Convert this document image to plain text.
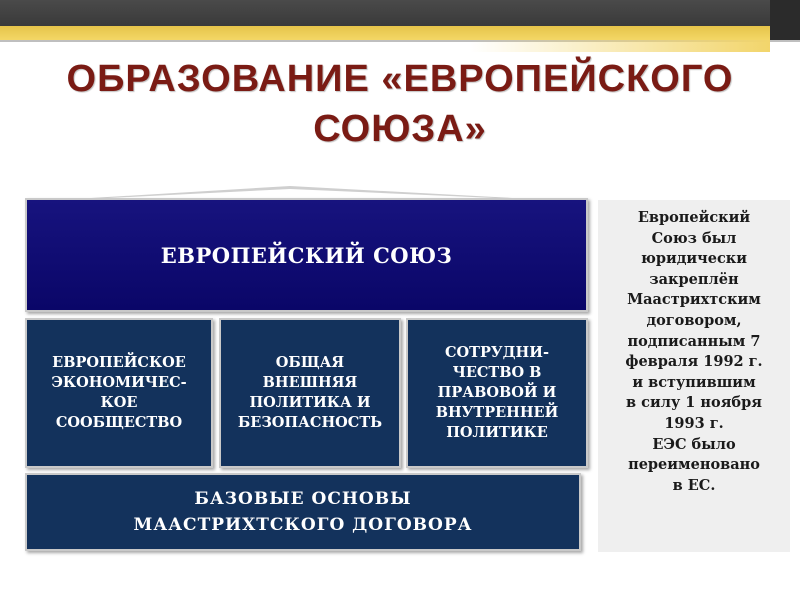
ОБРАЗОВАНИЕ «ЕВРОПЕЙСКОГО
СОЮЗА»
ЕВРОПЕЙСКИЙ СОЮЗ
ЕВРОПЕЙСКОЕ
ЭКОНОМИЧЕС-
КОЕ
СООБЩЕСТВО
ОБЩАЯ
ВНЕШНЯЯ
ПОЛИТИКА И
БЕЗОПАСНОСТЬ
СОТРУДНИ-
ЧЕСТВО В
ПРАВОВОЙ И
ВНУТРЕННЕЙ
ПОЛИТИКЕ
БАЗОВЫЕ ОСНОВЫ
МААСТРИХТСКОГО ДОГОВОРА
Европейский
Союз был
юридически
закреплён
Маастрихтским
договором,
подписанным 7
февраля 1992 г.
и вступившим
в силу 1 ноября
1993 г.
ЕЭС было
переименовано
в ЕС.
